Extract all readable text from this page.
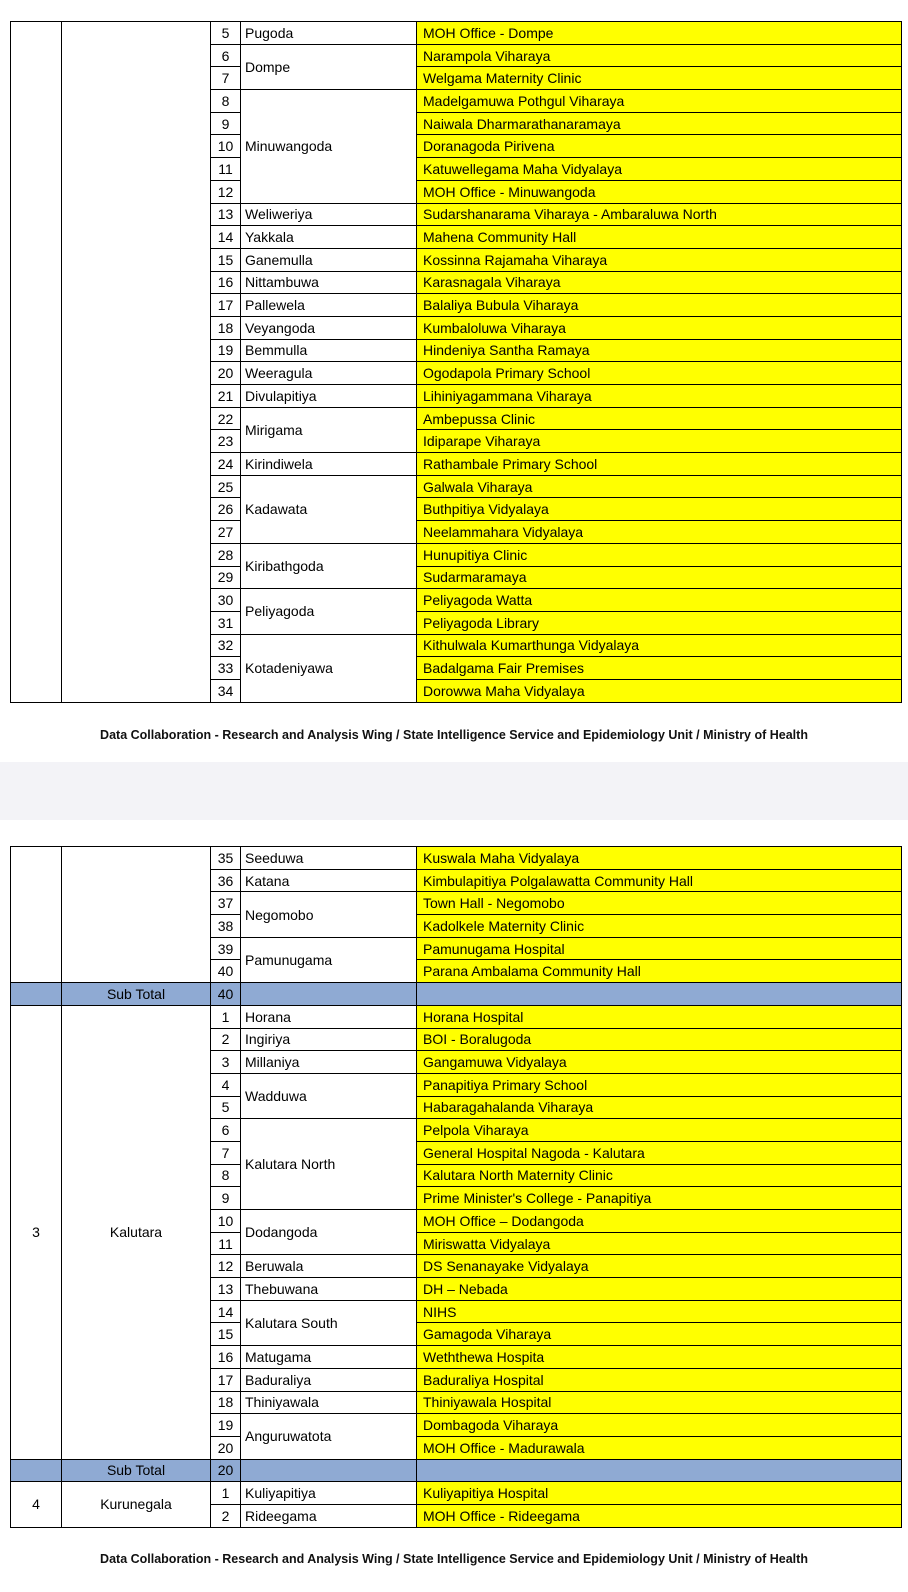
		5	Pugoda	MOH Office - Dompe
		6	Dompe	Narampola Viharaya
		7		Welgama Maternity Clinic
		8	Minuwangoda	Madelgamuwa Pothgul Viharaya
		9		Naiwala Dharmarathanaramaya
		10		Doranagoda Pirivena
		11		Katuwellegama Maha Vidyalaya
		12		MOH Office - Minuwangoda
		13	Weliweriya	Sudarshanarama Viharaya - Ambaraluwa North
		14	Yakkala	Mahena Community Hall
		15	Ganemulla	Kossinna Rajamaha Viharaya
		16	Nittambuwa	Karasnagala Viharaya
		17	Pallewela	Balaliya Bubula Viharaya
		18	Veyangoda	Kumbaloluwa Viharaya
		19	Bemmulla	Hindeniya Santha Ramaya
		20	Weeragula	Ogodapola Primary School
		21	Divulapitiya	Lihiniyagammana Viharaya
		22	Mirigama	Ambepussa Clinic
		23		Idiparape Viharaya
		24	Kirindiwela	Rathambale Primary School
		25	Kadawata	Galwala Viharaya
		26		Buthpitiya Vidyalaya
		27		Neelammahara Vidyalaya
		28	Kiribathgoda	Hunupitiya Clinic
		29		Sudarmaramaya
		30	Peliyagoda	Peliyagoda Watta
		31		Peliyagoda Library
		32	Kotadeniyawa	Kithulwala Kumarthunga Vidyalaya
		33		Badalgama Fair Premises
		34		Dorowwa Maha Vidyalaya
Data Collaboration - Research and Analysis Wing / State Intelligence Service and Epidemiology Unit / Ministry of Health
		35	Seeduwa	Kuswala Maha Vidyalaya
		36	Katana	Kimbulapitiya Polgalawatta Community Hall
		37	Negomobo	Town Hall - Negomobo
		38		Kadolkele Maternity Clinic
		39	Pamunugama	Pamunugama Hospital
		40		Parana Ambalama Community Hall
	Sub Total	40		
3	Kalutara	1	Horana	Horana Hospital
		2	Ingiriya	BOI - Boralugoda
		3	Millaniya	Gangamuwa Vidyalaya
		4	Wadduwa	Panapitiya Primary School
		5		Habaragahalanda Viharaya
		6	Kalutara North	Pelpola Viharaya
		7		General Hospital Nagoda - Kalutara
		8		Kalutara North Maternity Clinic
		9		Prime Minister's College - Panapitiya
		10	Dodangoda	MOH Office – Dodangoda
		11		Miriswatta Vidyalaya
		12	Beruwala	DS Senanayake Vidyalaya
		13	Thebuwana	DH – Nebada
		14	Kalutara South	NIHS
		15		Gamagoda Viharaya
		16	Matugama	Weththewa Hospita
		17	Baduraliya	Baduraliya Hospital
		18	Thiniyawala	Thiniyawala Hospital
		19	Anguruwatota	Dombagoda Viharaya
		20		MOH Office - Madurawala
	Sub Total	20		
4	Kurunegala	1	Kuliyapitiya	Kuliyapitiya Hospital
		2	Rideegama	MOH Office - Rideegama
Data Collaboration - Research and Analysis Wing / State Intelligence Service and Epidemiology Unit / Ministry of Health
